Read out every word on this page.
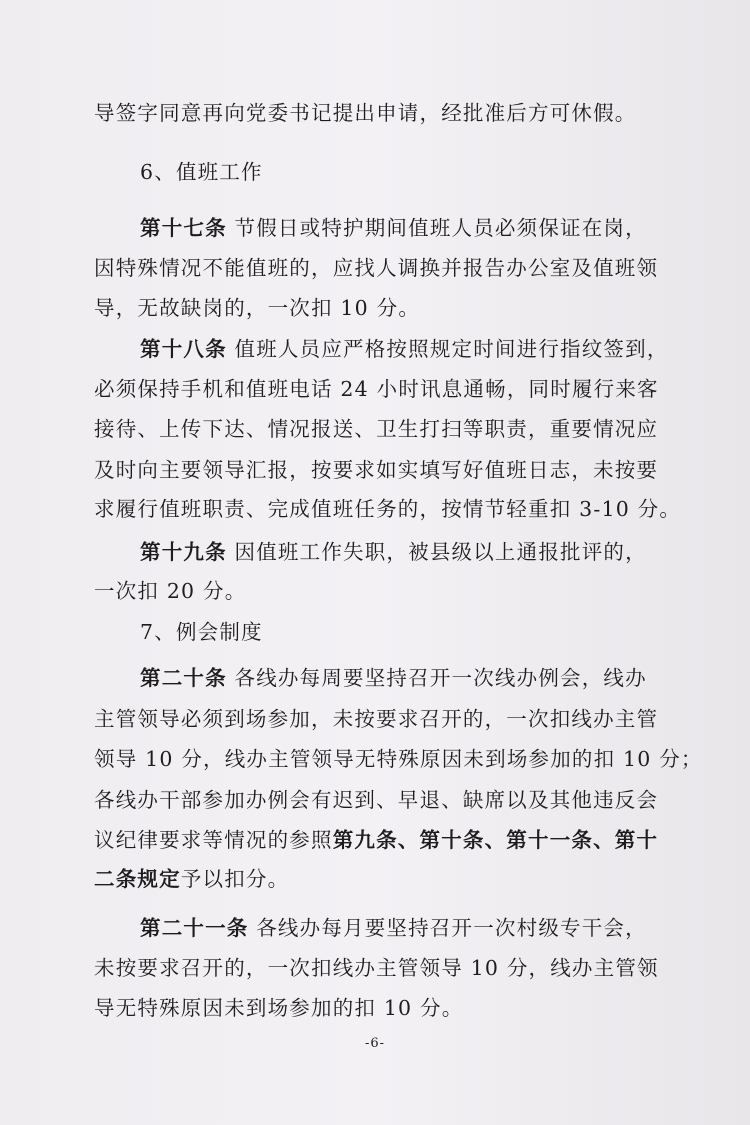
导签字同意再向党委书记提出申请，经批准后方可休假。
6、值班工作
第十七条 节假日或特护期间值班人员必须保证在岗，
因特殊情况不能值班的，应找人调换并报告办公室及值班领
导，无故缺岗的，一次扣 10 分。
第十八条 值班人员应严格按照规定时间进行指纹签到，
必须保持手机和值班电话 24 小时讯息通畅，同时履行来客
接待、上传下达、情况报送、卫生打扫等职责，重要情况应
及时向主要领导汇报，按要求如实填写好值班日志，未按要
求履行值班职责、完成值班任务的，按情节轻重扣 3-10 分。
第十九条 因值班工作失职，被县级以上通报批评的，
一次扣 20 分。
7、例会制度
第二十条 各线办每周要坚持召开一次线办例会，线办
主管领导必须到场参加，未按要求召开的，一次扣线办主管
领导 10 分，线办主管领导无特殊原因未到场参加的扣 10 分；
各线办干部参加办例会有迟到、早退、缺席以及其他违反会
议纪律要求等情况的参照第九条、第十条、第十一条、第十
二条规定予以扣分。
第二十一条 各线办每月要坚持召开一次村级专干会，
未按要求召开的，一次扣线办主管领导 10 分，线办主管领
导无特殊原因未到场参加的扣 10 分。
-6-
